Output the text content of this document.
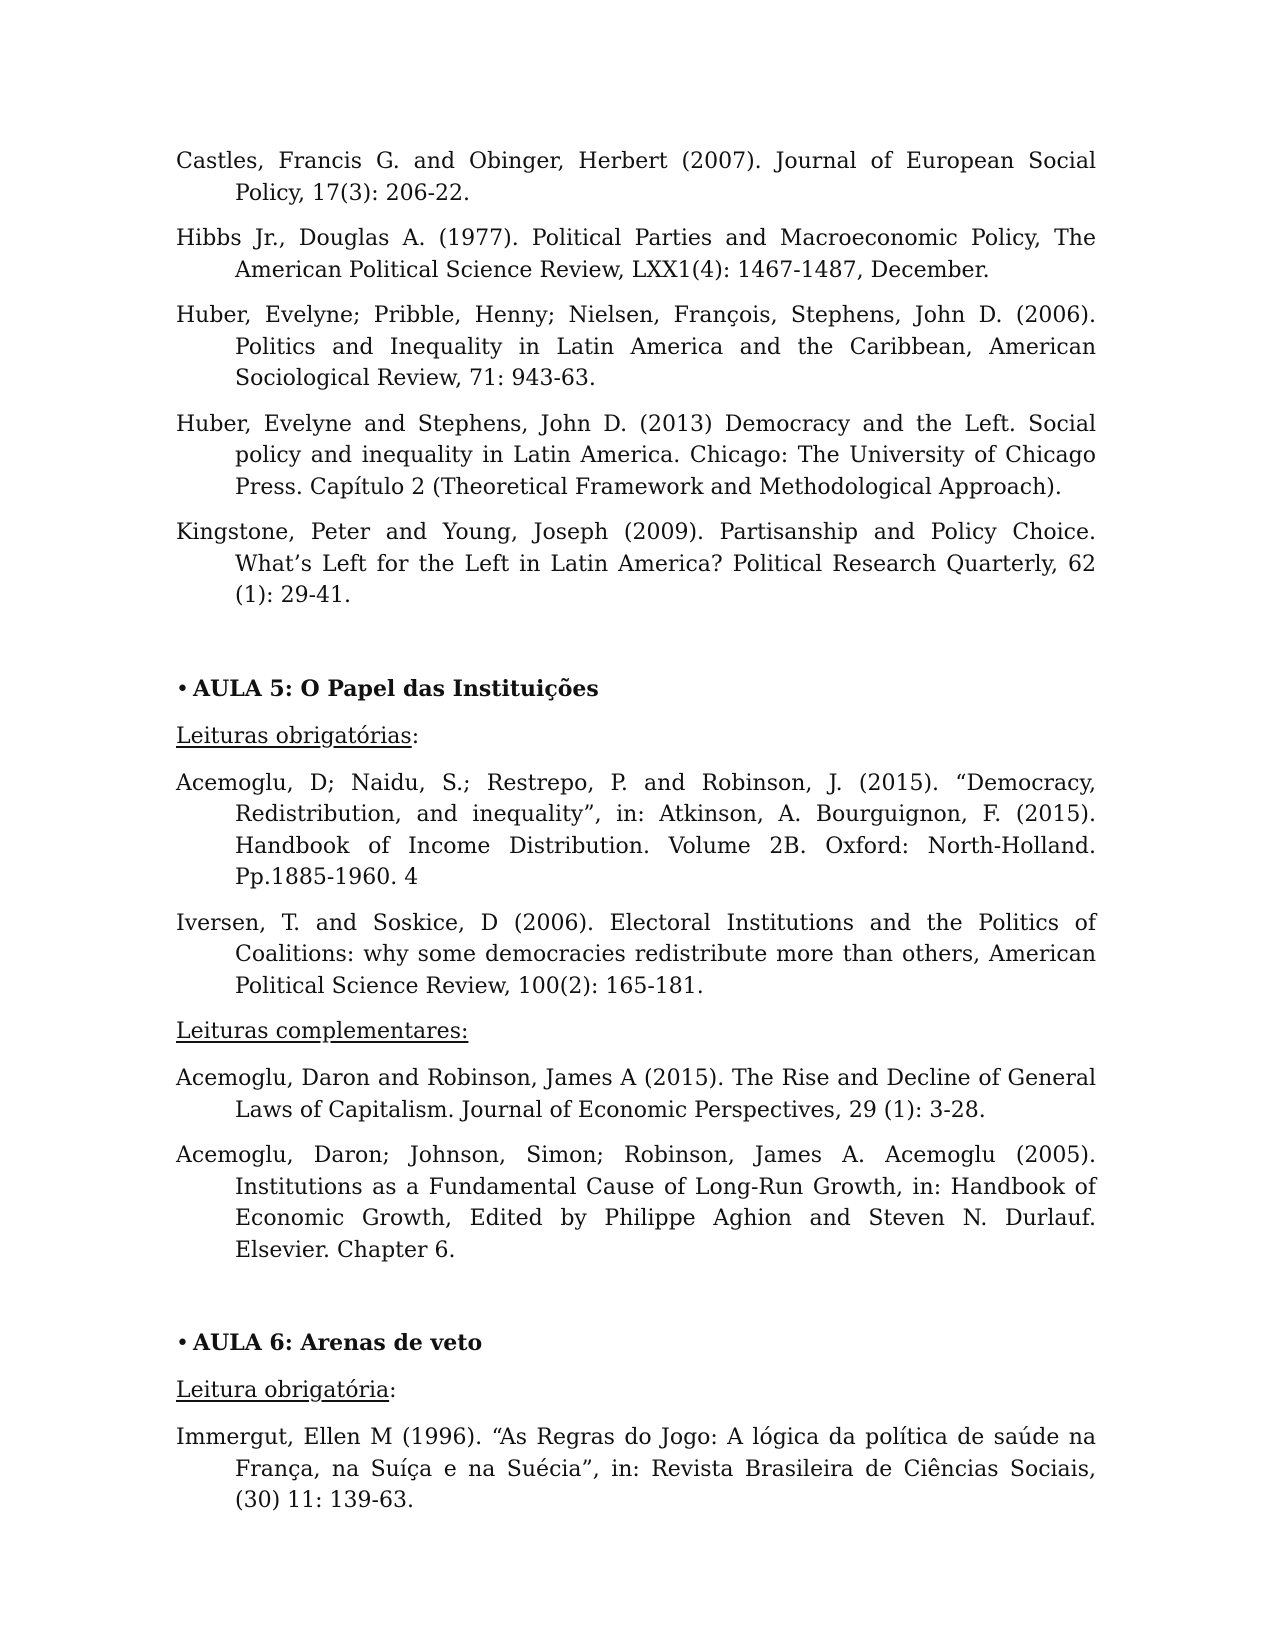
Castles, Francis G. and Obinger, Herbert (2007). Journal of European Social Policy, 17(3): 206-22.

Hibbs Jr., Douglas A. (1977). Political Parties and Macroeconomic Policy, The American Political Science Review, LXX1(4): 1467-1487, December.

Huber, Evelyne; Pribble, Henny; Nielsen, François, Stephens, John D. (2006). Politics and Inequality in Latin America and the Caribbean, American Sociological Review, 71: 943-63.

Huber, Evelyne and Stephens, John D. (2013) Democracy and the Left. Social policy and inequality in Latin America. Chicago: The University of Chicago Press. Capítulo 2 (Theoretical Framework and Methodological Approach).

Kingstone, Peter and Young, Joseph (2009). Partisanship and Policy Choice. What’s Left for the Left in Latin America? Political Research Quarterly, 62 (1): 29-41.

• AULA 5: O Papel das Instituições
Leituras obrigatórias:

Acemoglu, D; Naidu, S.; Restrepo, P. and Robinson, J. (2015). “Democracy, Redistribution, and inequality”, in: Atkinson, A. Bourguignon, F. (2015). Handbook of Income Distribution. Volume 2B. Oxford: North-Holland. Pp.1885-1960. 4

Iversen, T. and Soskice, D (2006). Electoral Institutions and the Politics of Coalitions: why some democracies redistribute more than others, American Political Science Review, 100(2): 165-181.

Leituras complementares:

Acemoglu, Daron and Robinson, James A (2015). The Rise and Decline of General Laws of Capitalism. Journal of Economic Perspectives, 29 (1): 3-28.

Acemoglu, Daron; Johnson, Simon; Robinson, James A. Acemoglu (2005). Institutions as a Fundamental Cause of Long-Run Growth, in: Handbook of Economic Growth, Edited by Philippe Aghion and Steven N. Durlauf. Elsevier. Chapter 6.

• AULA 6: Arenas de veto
Leitura obrigatória:

Immergut, Ellen M (1996). “As Regras do Jogo: A lógica da política de saúde na França, na Suíça e na Suécia”, in: Revista Brasileira de Ciências Sociais, (30) 11: 139-63.
